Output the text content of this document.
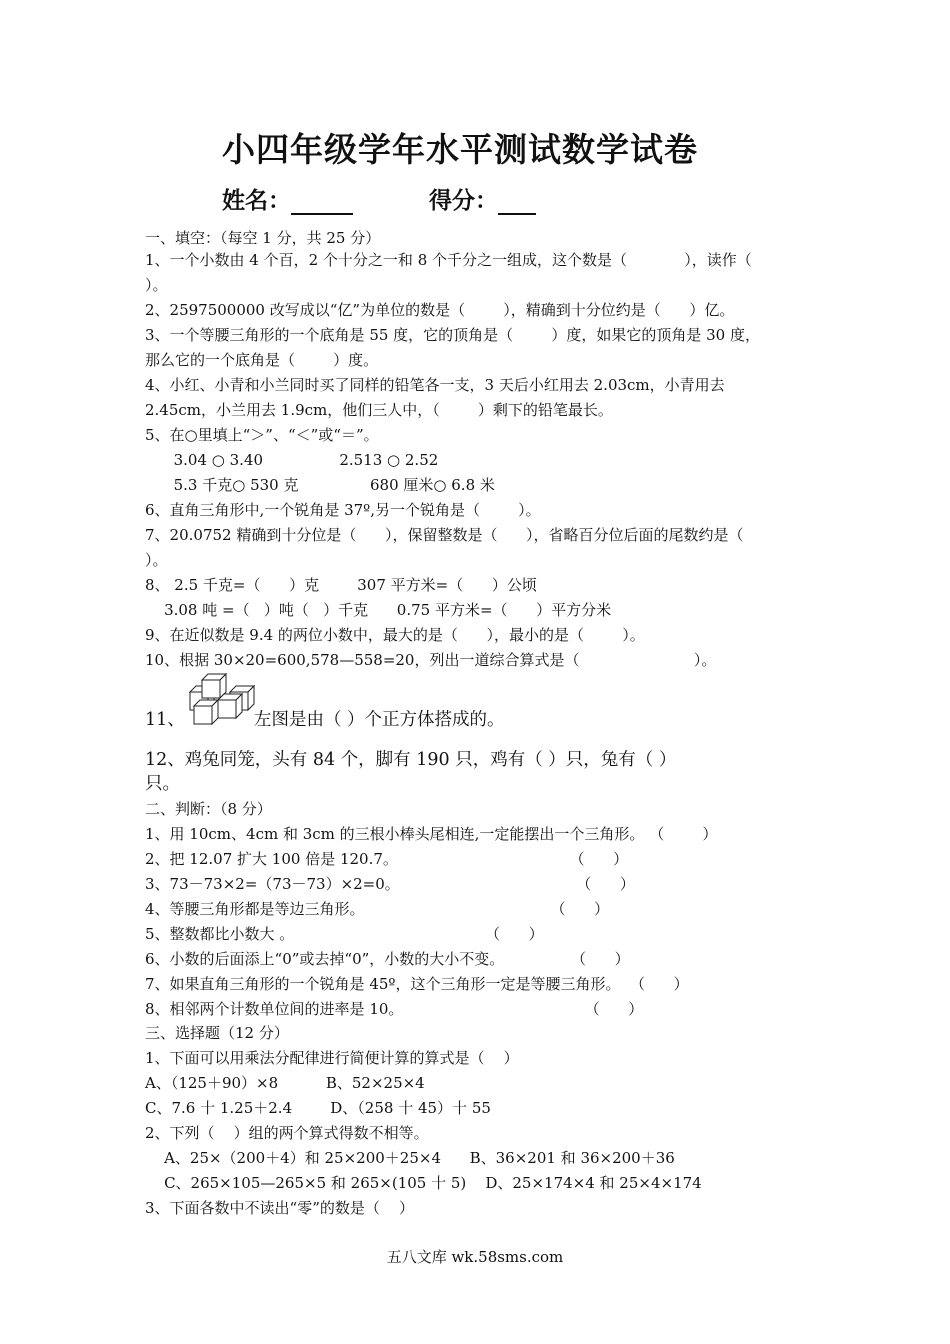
小四年级学年水平测试数学试卷
姓名：	得分：
一、填空：（每空 1 分，共 25 分）
1、一个小数由 4 个百，2 个十分之一和 8 个千分之一组成，这个数是（            ），读作（
）。
2、2597500000 改写成以“亿”为单位的数是（        ），精确到十分位约是（      ）亿。
3、一个等腰三角形的一个底角是 55 度，它的顶角是（        ）度，如果它的顶角是 30 度，
那么它的一个底角是（        ）度。
4、小红、小青和小兰同时买了同样的铅笔各一支，3 天后小红用去 2.03cm，小青用去
2.45cm，小兰用去 1.9cm，他们三人中，（        ）剩下的铅笔最长。
5、在○里填上“＞”、“＜”或“＝”。
3.04 ○ 3.40                2.513 ○ 2.52
5.3 千克○ 530 克               680 厘米○ 6.8 米
6、直角三角形中,一个锐角是 37º,另一个锐角是（        ）。
7、20.0752 精确到十分位是（      ），保留整数是（      ），省略百分位后面的尾数约是（
）。
8、 2.5 千克=（      ）克        307 平方米=（      ）公顷
3.08 吨 =（   ）吨（   ）千克      0.75 平方米=（      ）平方分米
9、在近似数是 9.4 的两位小数中，最大的是（      ），最小的是（        ）。
10、根据 30×20=600,578—558=20，列出一道综合算式是（                        ）。
二、判断：（8 分）
1、用 10cm、4cm 和 3cm 的三根小棒头尾相连,一定能摆出一个三角形。 （        ）
2、把 12.07 扩大 100 倍是 120.7。                                    （      ）
3、73－73×2=（73－73）×2=0。                                     （      ）
4、等腰三角形都是等边三角形。                                       （      ）
5、整数都比小数大 。                                        （      ）
6、小数的后面添上“0”或去掉“0”，小数的大小不变。              （      ）
7、如果直角三角形的一个锐角是 45º，这个三角形一定是等腰三角形。  （      ）
8、相邻两个计数单位间的进率是 10。                                      （      ）
三、选择题（12 分）
1、下面可以用乘法分配律进行简便计算的算式是（    ）
A、（125＋90）×8          B、52×25×4
C、7.6 十 1.25＋2.4        D、（258 十 45）十 55
2、下列（    ）组的两个算式得数不相等。
A、25×（200＋4）和 25×200＋25×4      B、36×201 和 36×200＋36
C、265×105—265×5 和 265×(105 十 5)    D、25×174×4 和 25×4×174
3、下面各数中不读出“零”的数是（    ）
11、	左图是由（ ）个正方体搭成的。
12、鸡兔同笼，头有 84 个，脚有 190 只，鸡有（ ）只，兔有（ ）
只。
五八文库 wk.58sms.com
